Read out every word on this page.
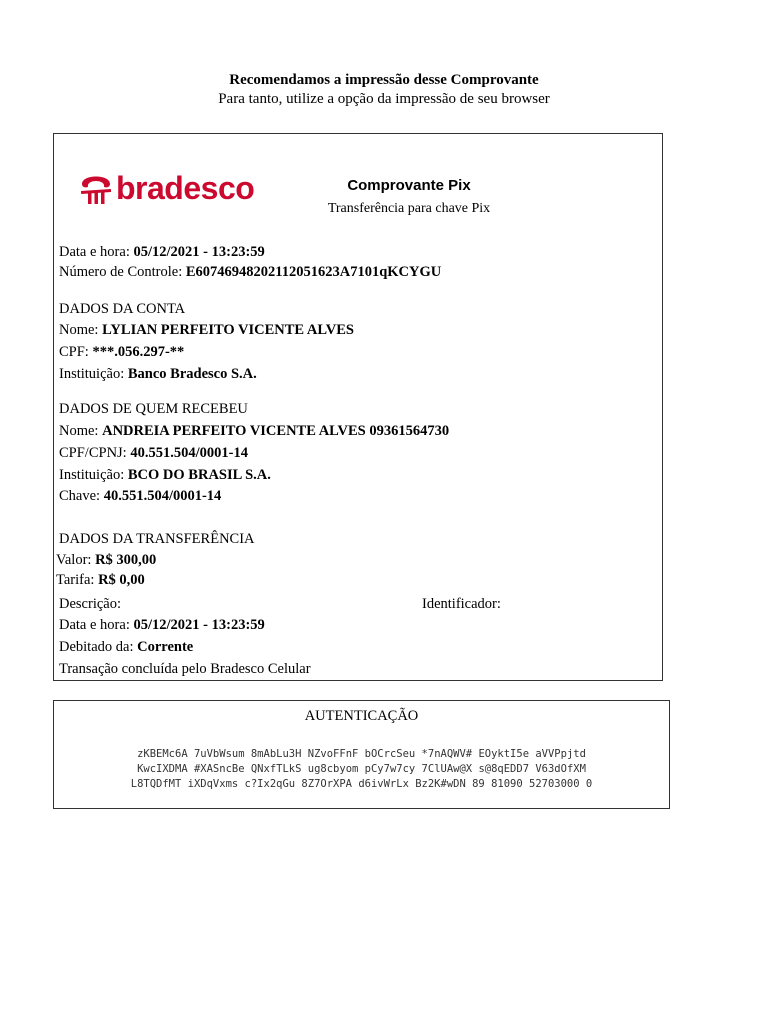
Recomendamos a impressão desse Comprovante
Para tanto, utilize a opção da impressão de seu browser
bradesco	Comprovante Pix
Transferência para chave Pix
Data e hora: 05/12/2021 - 13:23:59
Número de Controle: E60746948202112051623A7101qKCYGU
DADOS DA CONTA
Nome: LYLIAN PERFEITO VICENTE ALVES
CPF: ***.056.297-**
Instituição: Banco Bradesco S.A.
DADOS DE QUEM RECEBEU
Nome: ANDREIA PERFEITO VICENTE ALVES 09361564730
CPF/CPNJ: 40.551.504/0001-14
Instituição: BCO DO BRASIL S.A.
Chave: 40.551.504/0001-14
DADOS DA TRANSFERÊNCIA
Valor: R$ 300,00
Tarifa: R$ 0,00
Descrição:	Identificador:
Data e hora: 05/12/2021 - 13:23:59
Debitado da: Corrente
Transação concluída pelo Bradesco Celular
AUTENTICAÇÃO
zKBEMc6A 7uVbWsum 8mAbLu3H NZvoFFnF bOCrcSeu *7nAQWV# EOyktI5e aVVPpjtd
KwcIXDMA #XASncBe QNxfTLkS ug8cbyom pCy7w7cy 7ClUAw@X s@8qEDD7 V63dOfXM
L8TQDfMT iXDqVxms c?Ix2qGu 8Z7OrXPA d6ivWrLx Bz2K#wDN 89 81090 52703000 0
